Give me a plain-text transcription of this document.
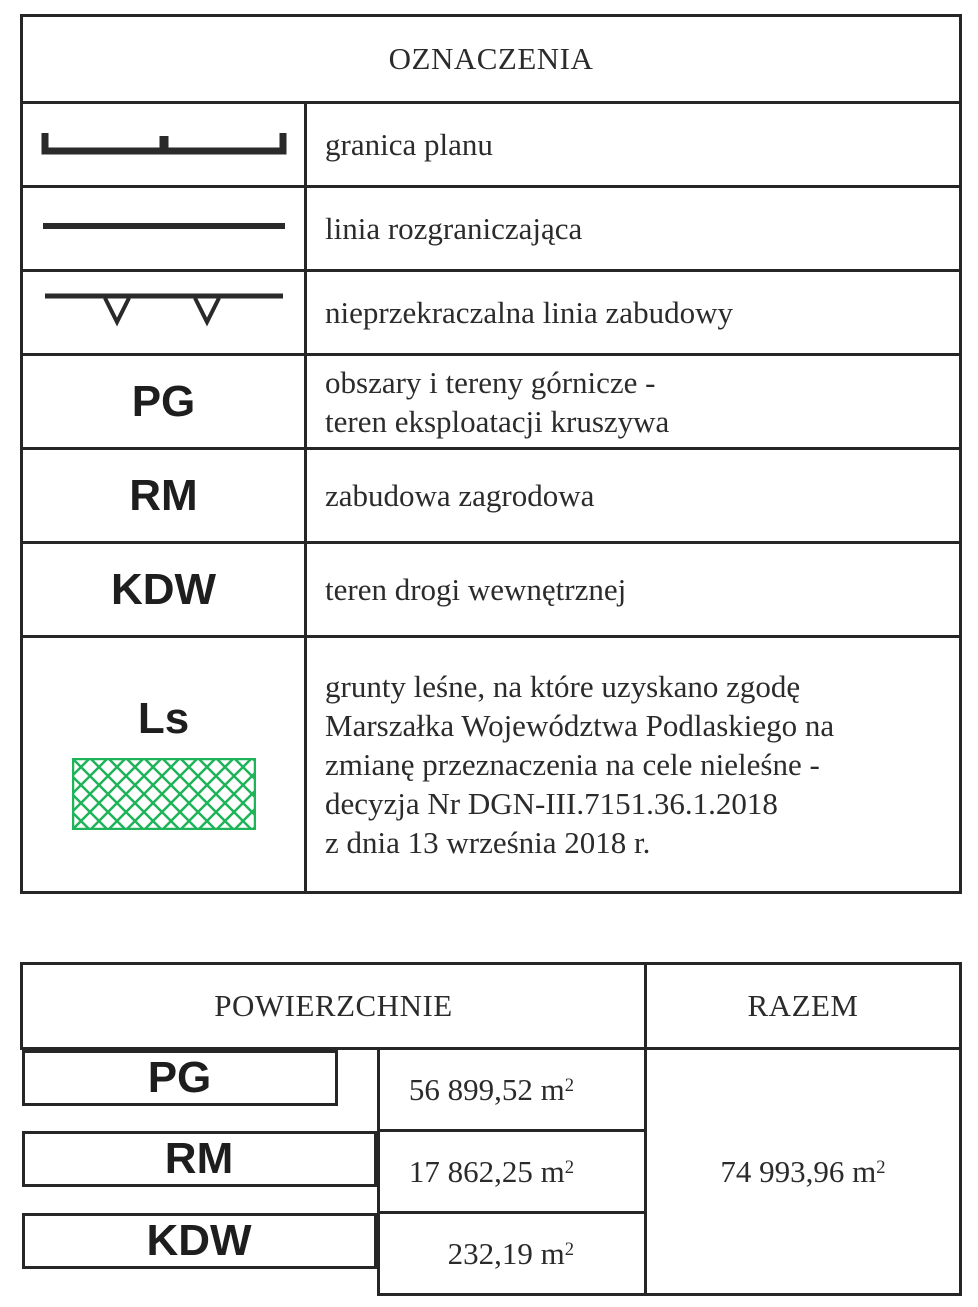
OZNACZENIA	

granica planu

linia rozgraniczająca

nieprzekraczalna linia zabudowy

PG	obszary i tereny górnicze -
teren eksploatacji kruszywa

RM	zabudowa zagrodowa

KDW	teren drogi wewnętrznej

Ls	grunty leśne, na które uzyskano zgodę
Marszałka Województwa Podlaskiego na
zmianę przeznaczenia na cele nieleśne -
decyzja Nr DGN-III.7151.36.1.2018
z dnia 13 września 2018 r.
POWIERZCHNIE		RAZEM

PG	56 899,52 $m^2$	74 993,96 $m^2$

RM	17 862,25 $m^2$

KDW	232,19 $m^2$
